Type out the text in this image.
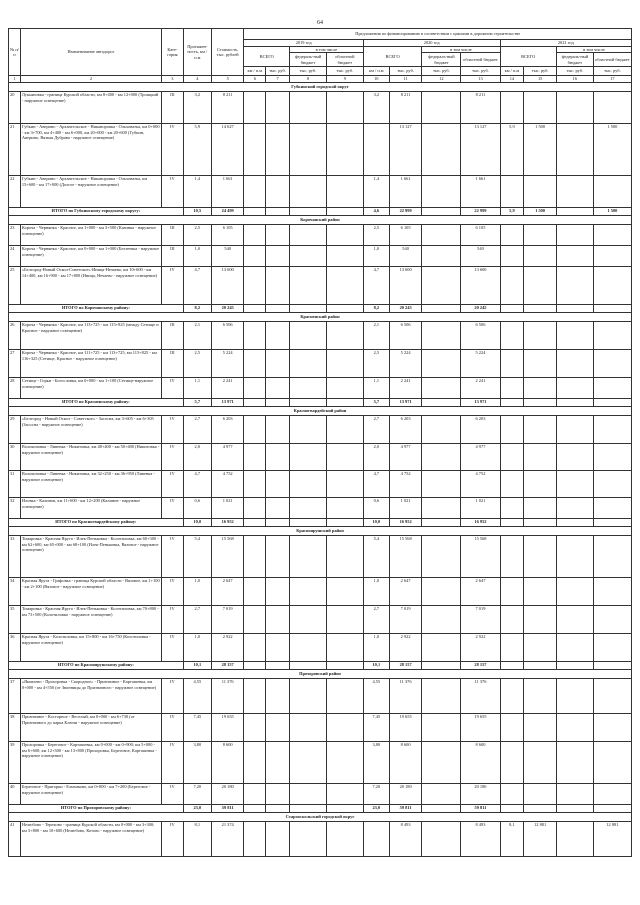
64
№ п/п	Наименование автодорог	Кате-гория	Протяжен-ность, км / п.м	Стоимость, тыс. рублей	Предложения по финансированию в соответствии с циклами в дорожном строительстве											
					2019 год				2020 год				2021 год			
					ВСЕГО		в том числе		ВСЕГО		в том числе		ВСЕГО		в том числе	
							федераль-ный бюджет	областной бюджет			федераль-ный бюджет	областной бюджет			федераль-ный бюджет	областной бюджет
					км / п.м	тыс. руб.	тыс. руб.	тыс. руб.	км / п.м	тыс. руб.	тыс. руб.	тыс. руб.	км / п.м	тыс. руб.	тыс. руб.	тыс. руб.
1	2	3	4	5	6	7	8	9	10	11	12	13	14	15	16	17
Губкинский городской округ																
20	Лукьяновка - граница Курской области, км 8+400 - км 12+000 (Троицкий - наружное освещение)	III	3,2	8 211					3,2	8 211		8 211				
21	Губкин - Аверино - Архангельское - Никаноровка - Ольховатка, км 0+000 - км 3+700, км 4+400 - км 6+000, км 20+000 - км 20+600 (Губкин, Аверино, Вязкая Дубрава - наружное освещение)	IV	5,9	14 627						13 127		13 127	5,9	1 500		1 500
22	Губкин - Аверино - Архангельское - Никаноровка - Ольховатка, км 15+600 - км 17+000 (Долгое - наружное освещение)	IV	1,4	1 661					1,4	1 661		1 661				
ИТОГО по Губкинскому городскому округу:			10,5	24 499					4,6	22 999		22 999	5,9	1 500		1 500
Корочанский район																
23	Короча - Чернянка - Красное, км 1+000 - км 3+500 (Казинка - наружное освещение)	III	2,5	6 105					2,5	6 105		6 105				
24	Короча - Чернянка - Красное, км 0+000 - км 1+000 (Бехтеевка - наружное освещение)	III	1,0	540					1,0	540		540				
25	«Белгород-Новый Оскол-Советское»-Иница-Нечаево, км 10+600 - км 14+400, км 16+900 - км 17+800 (Иница, Нечаево - наружное освещение)	IV	4,7	13 600					4,7	13 600		13 600				
ИТОГО по Корочанскому району:			8,2	20 245					8,2	20 245		20 245				
Красненский район																
26	Короча - Чернянка - Красное, км 113+725 - км 115+825 (между Сетище и Красное - наружное освещение)	III	2,1	6 506					2,1	6 506		6 506				
27	Короча - Чернянка - Красное, км 111+725 - км 113+725, км 115+825 - км 116+325 (Сетище, Красное - наружное освещение)	III	2,5	5 224					2,5	5 224		5 224				
28	Сетище - Горки - Богословка, км 0+000 - км 1+100 (Сетище-наружное освещение)	IV	1,1	2 241					1,1	2 241		2 241				
ИТОГО по Красненскому району:			5,7	13 971					5,7	13 971		13 971				
Красногвардейский район																
29	«Белгород - Новый Оскол - Советское» - Засосна, км 3+605 - км 6+305 (Засосна - наружное освещение)	IV	2,7	6 203					2,7	6 203		6 203				
30	Волоконовка - Ливенка - Никитовка, км 48+400 - км 50+400 (Никитовка - наружное освещение)	IV	2,0	4 977					2,0	4 977		4 977				
31	Волоконовка - Ливенка - Никитовка, км 32+250 - км 36+950 (Ливенка - наружное освещение)	IV	4,7	4 752					4,7	4 752		4 752				
32	Иловка - Калинов, км 11+600 - км 12+200 (Калинов - наружное освещение)	IV	0,6	1 021					0,6	1 021		1 021				
ИТОГО по Красногвардейскому району:			10,0	16 952					10,0	16 952		16 952				
Красноярушский район																
33	Томаровка - Красная Яруга - Илек-Пеньковка - Колотиловка, км 60+300 - км 62+600, км 65+000 - км 68+100 (Илек-Пеньковка, Вязовое - наружное освещение)	IV	5,4	15 568					5,4	15 568		15 568				
34	Красная Яруга - Графовка - граница Курской области - Вязовое, км 1+100 - км 2+100 (Вязовое - наружное освещение)	IV	1,0	2 647					1,0	2 647		2 647				
35	Томаровка - Красная Яруга - Илек-Пеньковка - Колотиловка, км 70+800 - км 73+500 (Колотиловка - наружное освещение)	IV	2,7	7 019					2,7	7 019		7 019				
36	Красная Яруга - Колотиловка, км 15+800 - км 16+750 (Колотиловка - наружное освещение)	IV	1,0	2 922					1,0	2 922		2 922				
ИТОГО по Красноярушскому району:			10,1	28 157					10,1	28 157		28 157				
Прохоровский район																
37	«Яковлево - Прохоровка - Скородное» - Призначное - Карташевка, км 0+000 - км 4+550 (от Звонницы до Призначного - наружное освещение)	IV	4,55	11 376					4,55	11 376		11 376				
38	Призначное - Косторное - Веселый, км 0+000 - км 6+730 (от Призначного до парка Ключи - наружное освещение)	IV	7,45	19 655					7,45	19 655		19 655				
39	Прохоровка - Береговое - Карташевка, км 0+000 - км 0+900; км 5+000 - км 6+600; км 12+300 - км 13+800 (Прохоровка, Береговое, Карташевка - наружное освещение)	IV	3,80	8 600					3,80	8 600		8 600				
40	Береговое - Пригорки - Ельниково, км 0+000 - км 7+200 (Береговое - наружное освещение)	IV	7,20	20 180					7,20	20 180		20 180				
ИТОГО по Прохоровскому району:			23,0	59 811					23,0	59 811		59 811				
Старооскольский городской округ																
41	Нелюбово - Терехово - граница Курской области, км 0+000 - км 3+300; км 3+800 - км 10+600 (Нелюбово, Котово - наружное освещение)	IV	8,1	21 374						8 493		8 493	8,1	12 881		12 881
